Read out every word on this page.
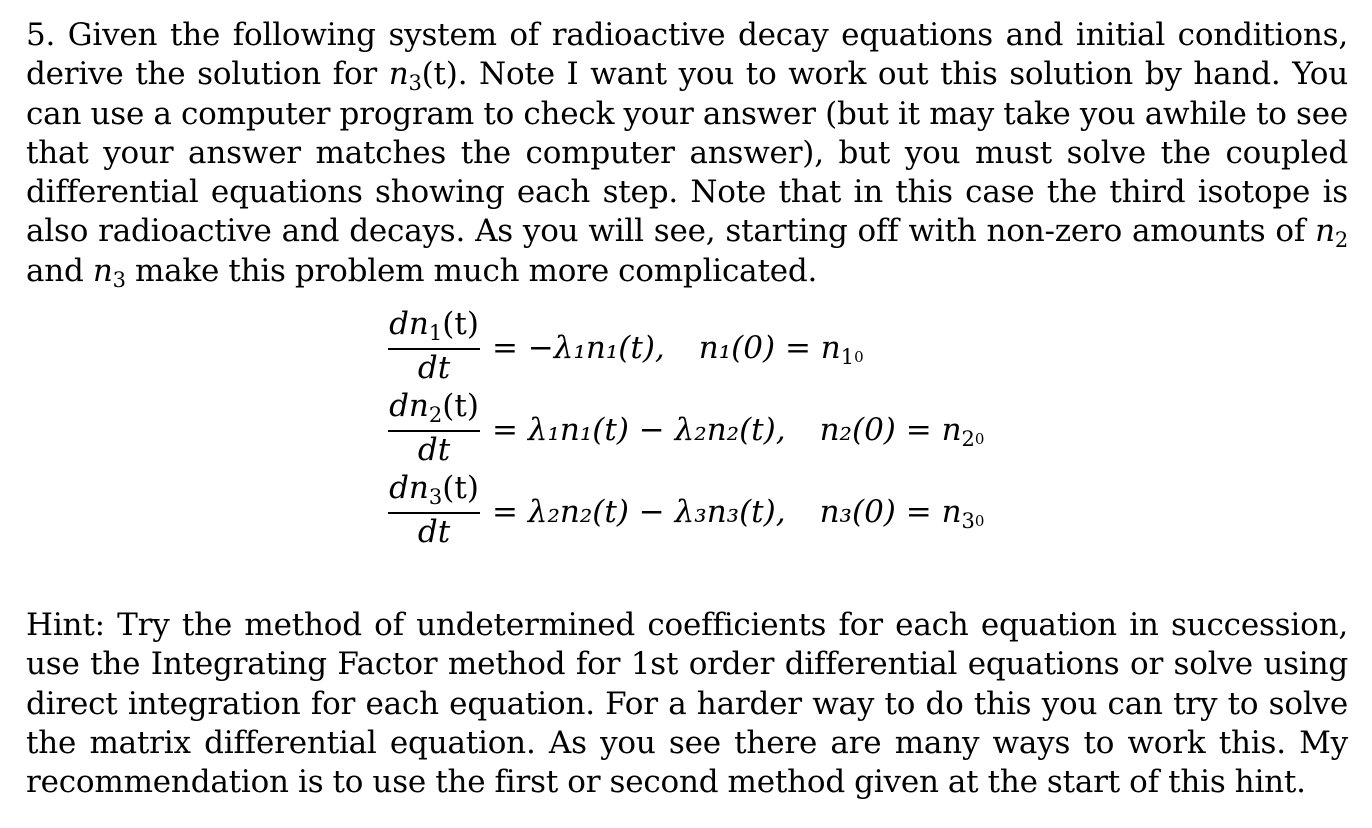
5. Given the following system of radioactive decay equations and initial conditions, derive the solution for $n_3(t)$. Note I want you to work out this solution by hand. You can use a computer program to check your answer (but it may take you awhile to see that your answer matches the computer answer), but you must solve the coupled differential equations showing each step. Note that in this case the third isotope is also radioactive and decays. As you will see, starting off with non-zero amounts of $n_2$ and $n_3$ make this problem much more complicated.

$dn_1(t)$
dt
= −λ₁n₁(t), $n_1(0) = n_10$
$dn_2(t)$
dt
= λ₁n₁(t) − λ₂n₂(t), $n_2(0) = n_20$
$dn_3(t)$
dt
= λ₂n₂(t) − λ₃n₃(t), $n_3(0) = n_30$

Hint: Try the method of undetermined coefficients for each equation in succession, use the Integrating Factor method for 1st order differential equations or solve using direct integration for each equation. For a harder way to do this you can try to solve the matrix differential equation. As you see there are many ways to work this. My recommendation is to use the first or second method given at the start of this hint.
